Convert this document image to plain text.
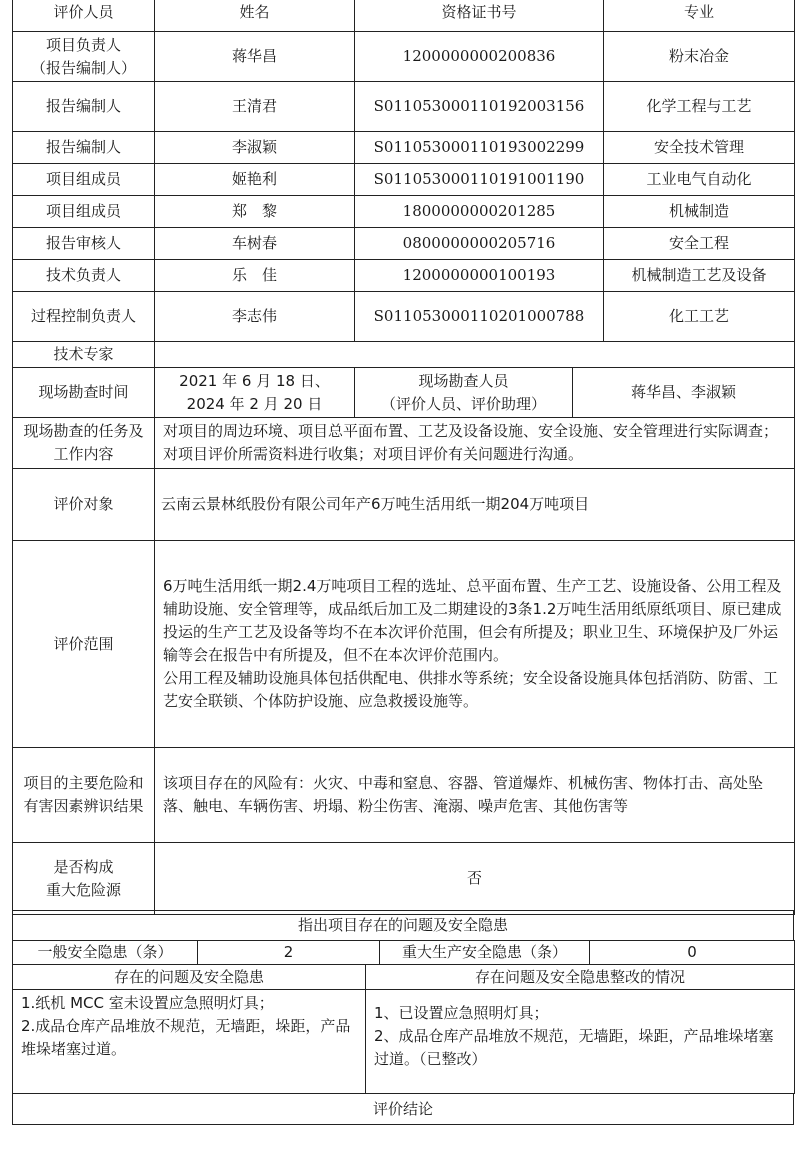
评价人员	姓名	资格证书号		专业
项目负责人
（报告编制人）	蒋华昌	1200000000200836		粉末冶金
报告编制人	王清君	S011053000110192003156		化学工程与工艺
报告编制人	李淑颖	S011053000110193002299		安全技术管理
项目组成员	姬艳利	S011053000110191001190		工业电气自动化
项目组成员	郑　黎	1800000000201285		机械制造
报告审核人	车树春	0800000000205716		安全工程
技术负责人	乐　佳	1200000000100193		机械制造工艺及设备
过程控制负责人	李志伟	S011053000110201000788		化工工艺
技术专家				
现场勘查时间	2021 年 6 月 18 日、2024 年 2 月 20 日	现场勘查人员
（评价人员、评价助理）	蒋华昌、李淑颖	
现场勘查的任务及工作内容	对项目的周边环境、项目总平面布置、工艺及设备设施、安全设施、安全管理进行实际调查；对项目评价所需资料进行收集；对项目评价有关问题进行沟通。			
评价对象	云南云景林纸股份有限公司年产6万吨生活用纸一期204万吨项目			
评价范围	6万吨生活用纸一期2.4万吨项目工程的选址、总平面布置、生产工艺、设施设备、公用工程及辅助设施、安全管理等，成品纸后加工及二期建设的3条1.2万吨生活用纸原纸项目、原已建成投运的生产工艺及设备等均不在本次评价范围，但会有所提及；职业卫生、环境保护及厂外运输等会在报告中有所提及，但不在本次评价范围内。
公用工程及辅助设施具体包括供配电、供排水等系统；安全设备设施具体包括消防、防雷、工艺安全联锁、个体防护设施、应急救援设施等。			

项目的主要危险和有害因素辨识结果	该项目存在的风险有：火灾、中毒和窒息、容器、管道爆炸、机械伤害、物体打击、高处坠落、触电、车辆伤害、坍塌、粉尘伤害、淹溺、噪声危害、其他伤害等			
是否构成
重大危险源	否			
指出项目存在的问题及安全隐患
一般安全隐患（条）	2	重大生产安全隐患（条）	0
存在的问题及安全隐患	存在问题及安全隐患整改的情况
1.纸机 MCC 室未设置应急照明灯具；
2.成品仓库产品堆放不规范，无墙距，垛距，产品堆垛堵塞过道。

1、已设置应急照明灯具；
2、成品仓库产品堆放不规范，无墙距，垛距，产品堆垛堵塞过道。（已整改）
评价结论
